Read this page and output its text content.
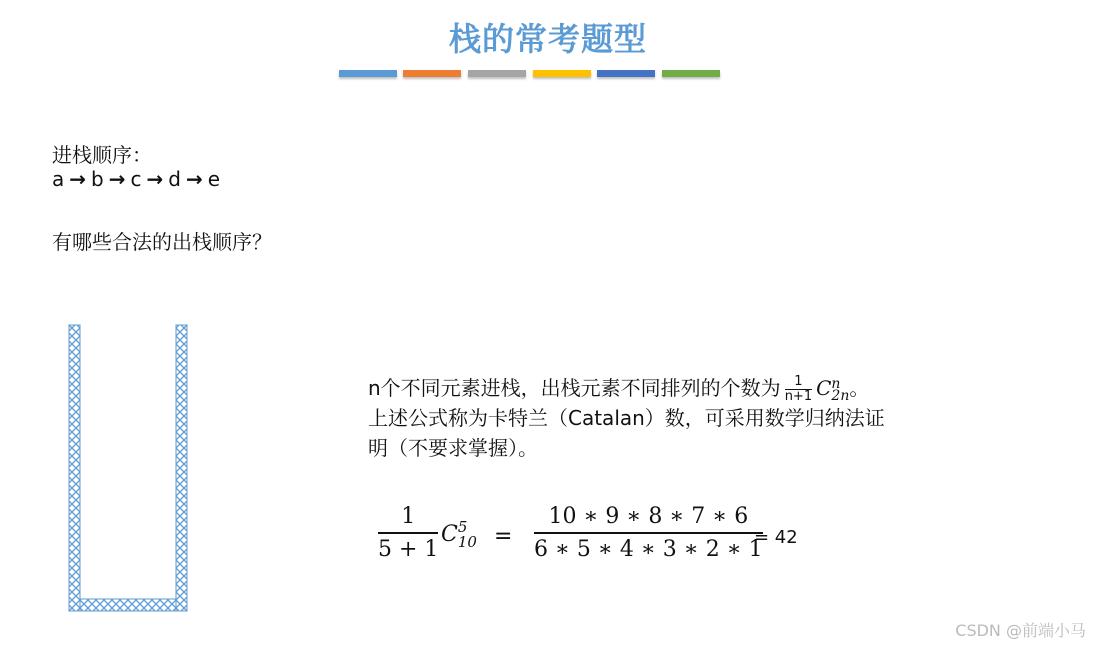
栈的常考题型
进栈顺序：
a → b → c → d → e
有哪些合法的出栈顺序？
n个不同元素进栈，出栈元素不同排列的个数为 $\frac{1}{n+1}$ C n
2n 。
上述公式称为卡特兰（Catalan）数，可采用数学归纳法证
明（不要求掌握）。
$\frac{1}{5 + 1}$ C 5
$10 = \frac{10 ∗ 9 ∗ 8 ∗ 7 ∗ 6}{6 ∗ 5 ∗ 4 ∗ 3 ∗ 2 ∗ 1}$
= 42
CSDN @前端小马
